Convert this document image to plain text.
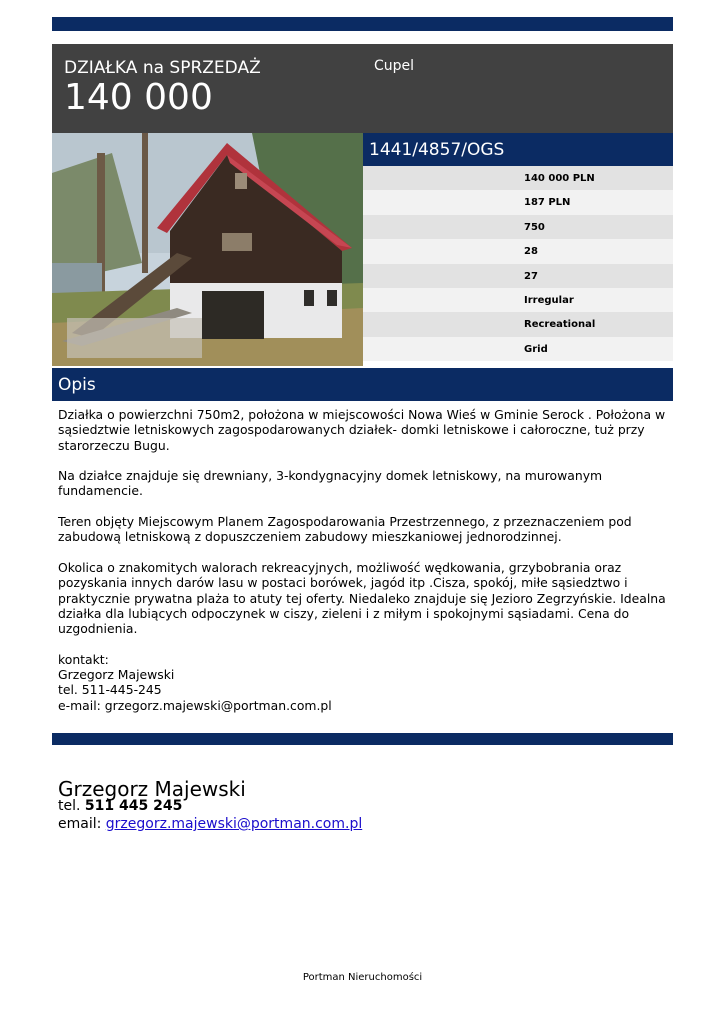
DZIAŁKA na SPRZEDAŻ
140 000
Cupel
1441/4857/OGS
140 000 PLN
187 PLN
750
28
27
Irregular
Recreational
Grid
Opis

Działka o powierzchni 750m2, położona w miejscowości Nowa Wieś w Gminie Serock . Położona w
sąsiedztwie letniskowych zagospodarowanych działek- domki letniskowe i całoroczne, tuż przy
starorzeczu Bugu.

Na działce znajduje się drewniany, 3-kondygnacyjny domek letniskowy, na murowanym
fundamencie.

Teren objęty Miejscowym Planem Zagospodarowania Przestrzennego, z przeznaczeniem pod
zabudową letniskową z dopuszczeniem zabudowy mieszkaniowej jednorodzinnej.

Okolica o znakomitych walorach rekreacyjnych, możliwość wędkowania, grzybobrania oraz
pozyskania innych darów lasu w postaci borówek, jagód itp .Cisza, spokój, miłe sąsiedztwo i
praktycznie prywatna plaża to atuty tej oferty. Niedaleko znajduje się Jezioro Zegrzyńskie. Idealna
działka dla lubiących odpoczynek w ciszy, zieleni i z miłym i spokojnymi sąsiadami. Cena do
uzgodnienia.

kontakt:
Grzegorz Majewski
tel. 511-445-245
e-mail: grzegorz.majewski@portman.com.pl

Grzegorz Majewski
tel. 511 445 245
email: grzegorz.majewski@portman.com.pl
Portman Nieruchomości
